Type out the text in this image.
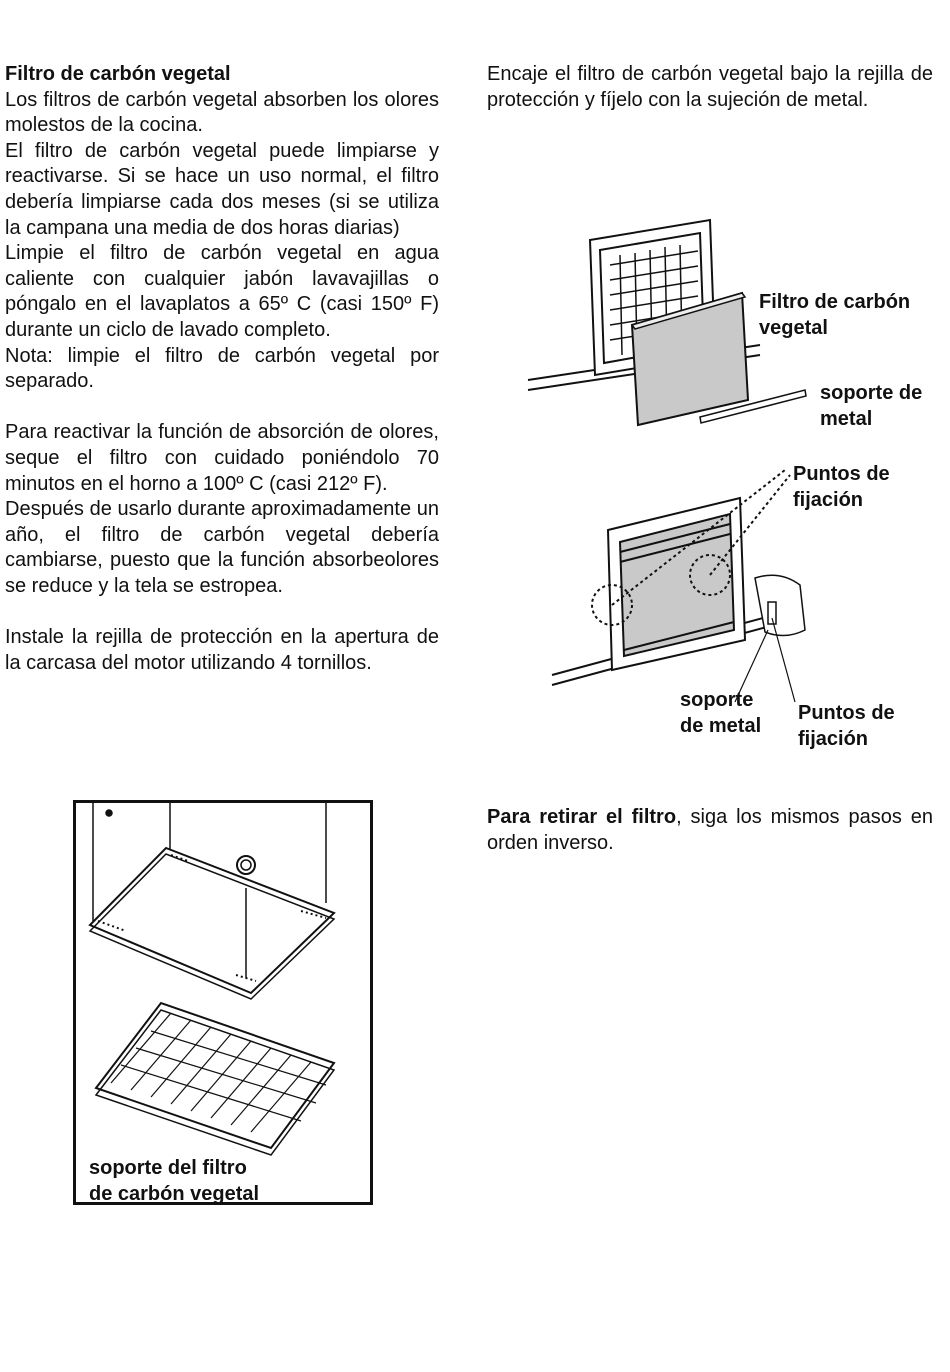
Filtro de carbón vegetal

Los filtros de carbón vegetal absorben los olores molestos de la cocina.

El filtro de carbón vegetal puede limpiarse y reactivarse. Si se hace un uso normal, el filtro debería limpiarse cada dos meses (si se utiliza la campana una media de dos horas diarias)

Limpie el filtro de carbón vegetal en agua caliente con cualquier jabón lavavajillas o póngalo en el lavaplatos a 65º C (casi 150º F) durante un ciclo de lavado completo.

Nota: limpie el filtro de carbón vegetal por separado.

Para reactivar la función de absorción de olores, seque el filtro con cuidado poniéndolo 70 minutos en el horno a 100º C (casi 212º F).

Después de usarlo durante aproximadamente un año, el filtro de carbón vegetal debería cambiarse, puesto que la función absorbeolores se reduce y la tela se estropea.

Instale la rejilla de protección en la apertura de la carcasa del motor utilizando 4 tornillos.

Encaje el filtro de carbón vegetal bajo la rejilla de protección y fíjelo con la sujeción de metal.

Filtro de carbón
vegetal
soporte de
metal
Puntos de
fijación
soporte
de metal
Puntos de
fijación

Para retirar el filtro, siga los mismos pasos en orden inverso.

soporte del filtro
de carbón vegetal
